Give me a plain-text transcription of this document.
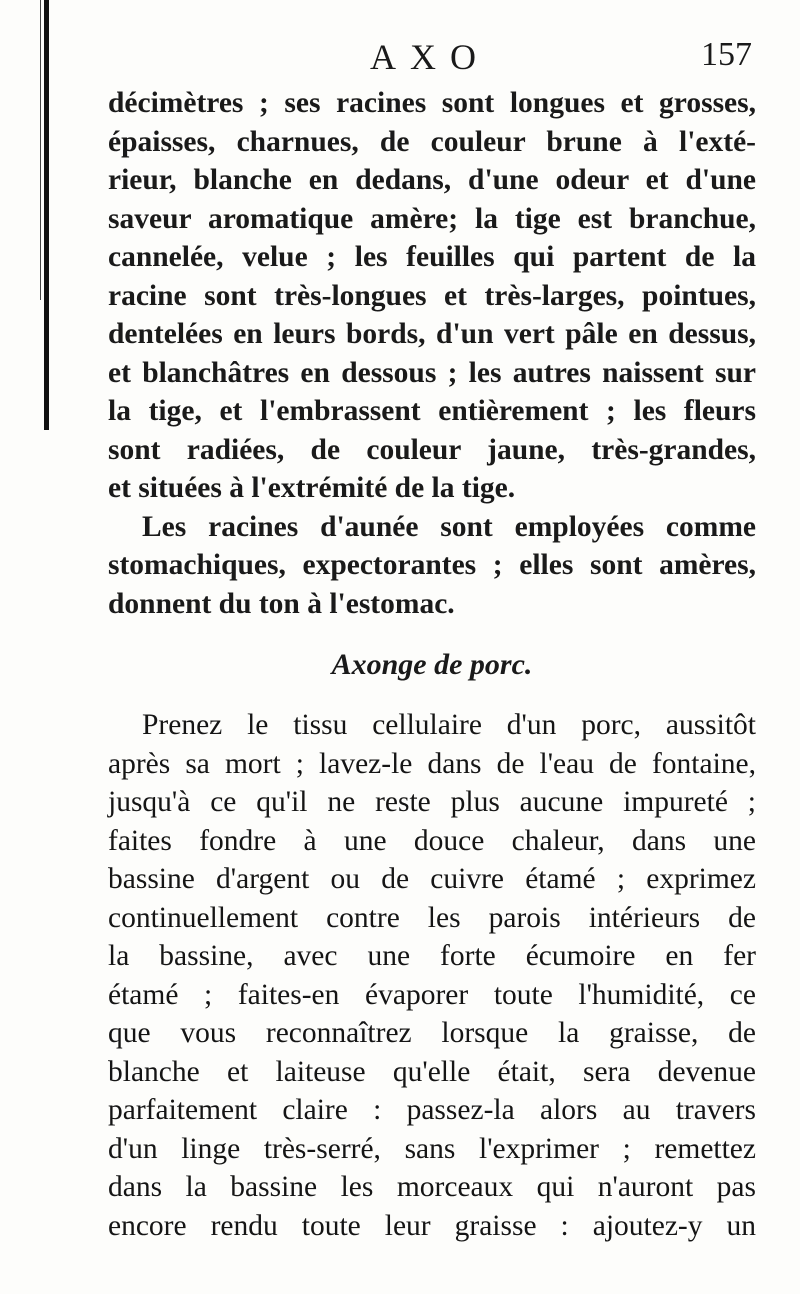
AXO	157
décimètres ; ses racines sont longues et grosses,
épaisses, charnues, de couleur brune à l'exté-
rieur, blanche en dedans, d'une odeur et d'une
saveur aromatique amère; la tige est branchue,
cannelée, velue ; les feuilles qui partent de la
racine sont très-longues et très-larges, pointues,
dentelées en leurs bords, d'un vert pâle en dessus,
et blanchâtres en dessous ; les autres naissent sur
la tige, et l'embrassent entièrement ; les fleurs
sont radiées, de couleur jaune, très-grandes,
et situées à l'extrémité de la tige.
Les racines d'aunée sont employées comme
stomachiques, expectorantes ; elles sont amères,
donnent du ton à l'estomac.
Axonge de porc.
Prenez le tissu cellulaire d'un porc, aussitôt
après sa mort ; lavez-le dans de l'eau de fontaine,
jusqu'à ce qu'il ne reste plus aucune impureté ;
faites fondre à une douce chaleur, dans une
bassine d'argent ou de cuivre étamé ; exprimez
continuellement contre les parois intérieurs de
la bassine, avec une forte écumoire en fer
étamé ; faites-en évaporer toute l'humidité, ce
que vous reconnaîtrez lorsque la graisse, de
blanche et laiteuse qu'elle était, sera devenue
parfaitement claire : passez-la alors au travers
d'un linge très-serré, sans l'exprimer ; remettez
dans la bassine les morceaux qui n'auront pas
encore rendu toute leur graisse : ajoutez-y un
